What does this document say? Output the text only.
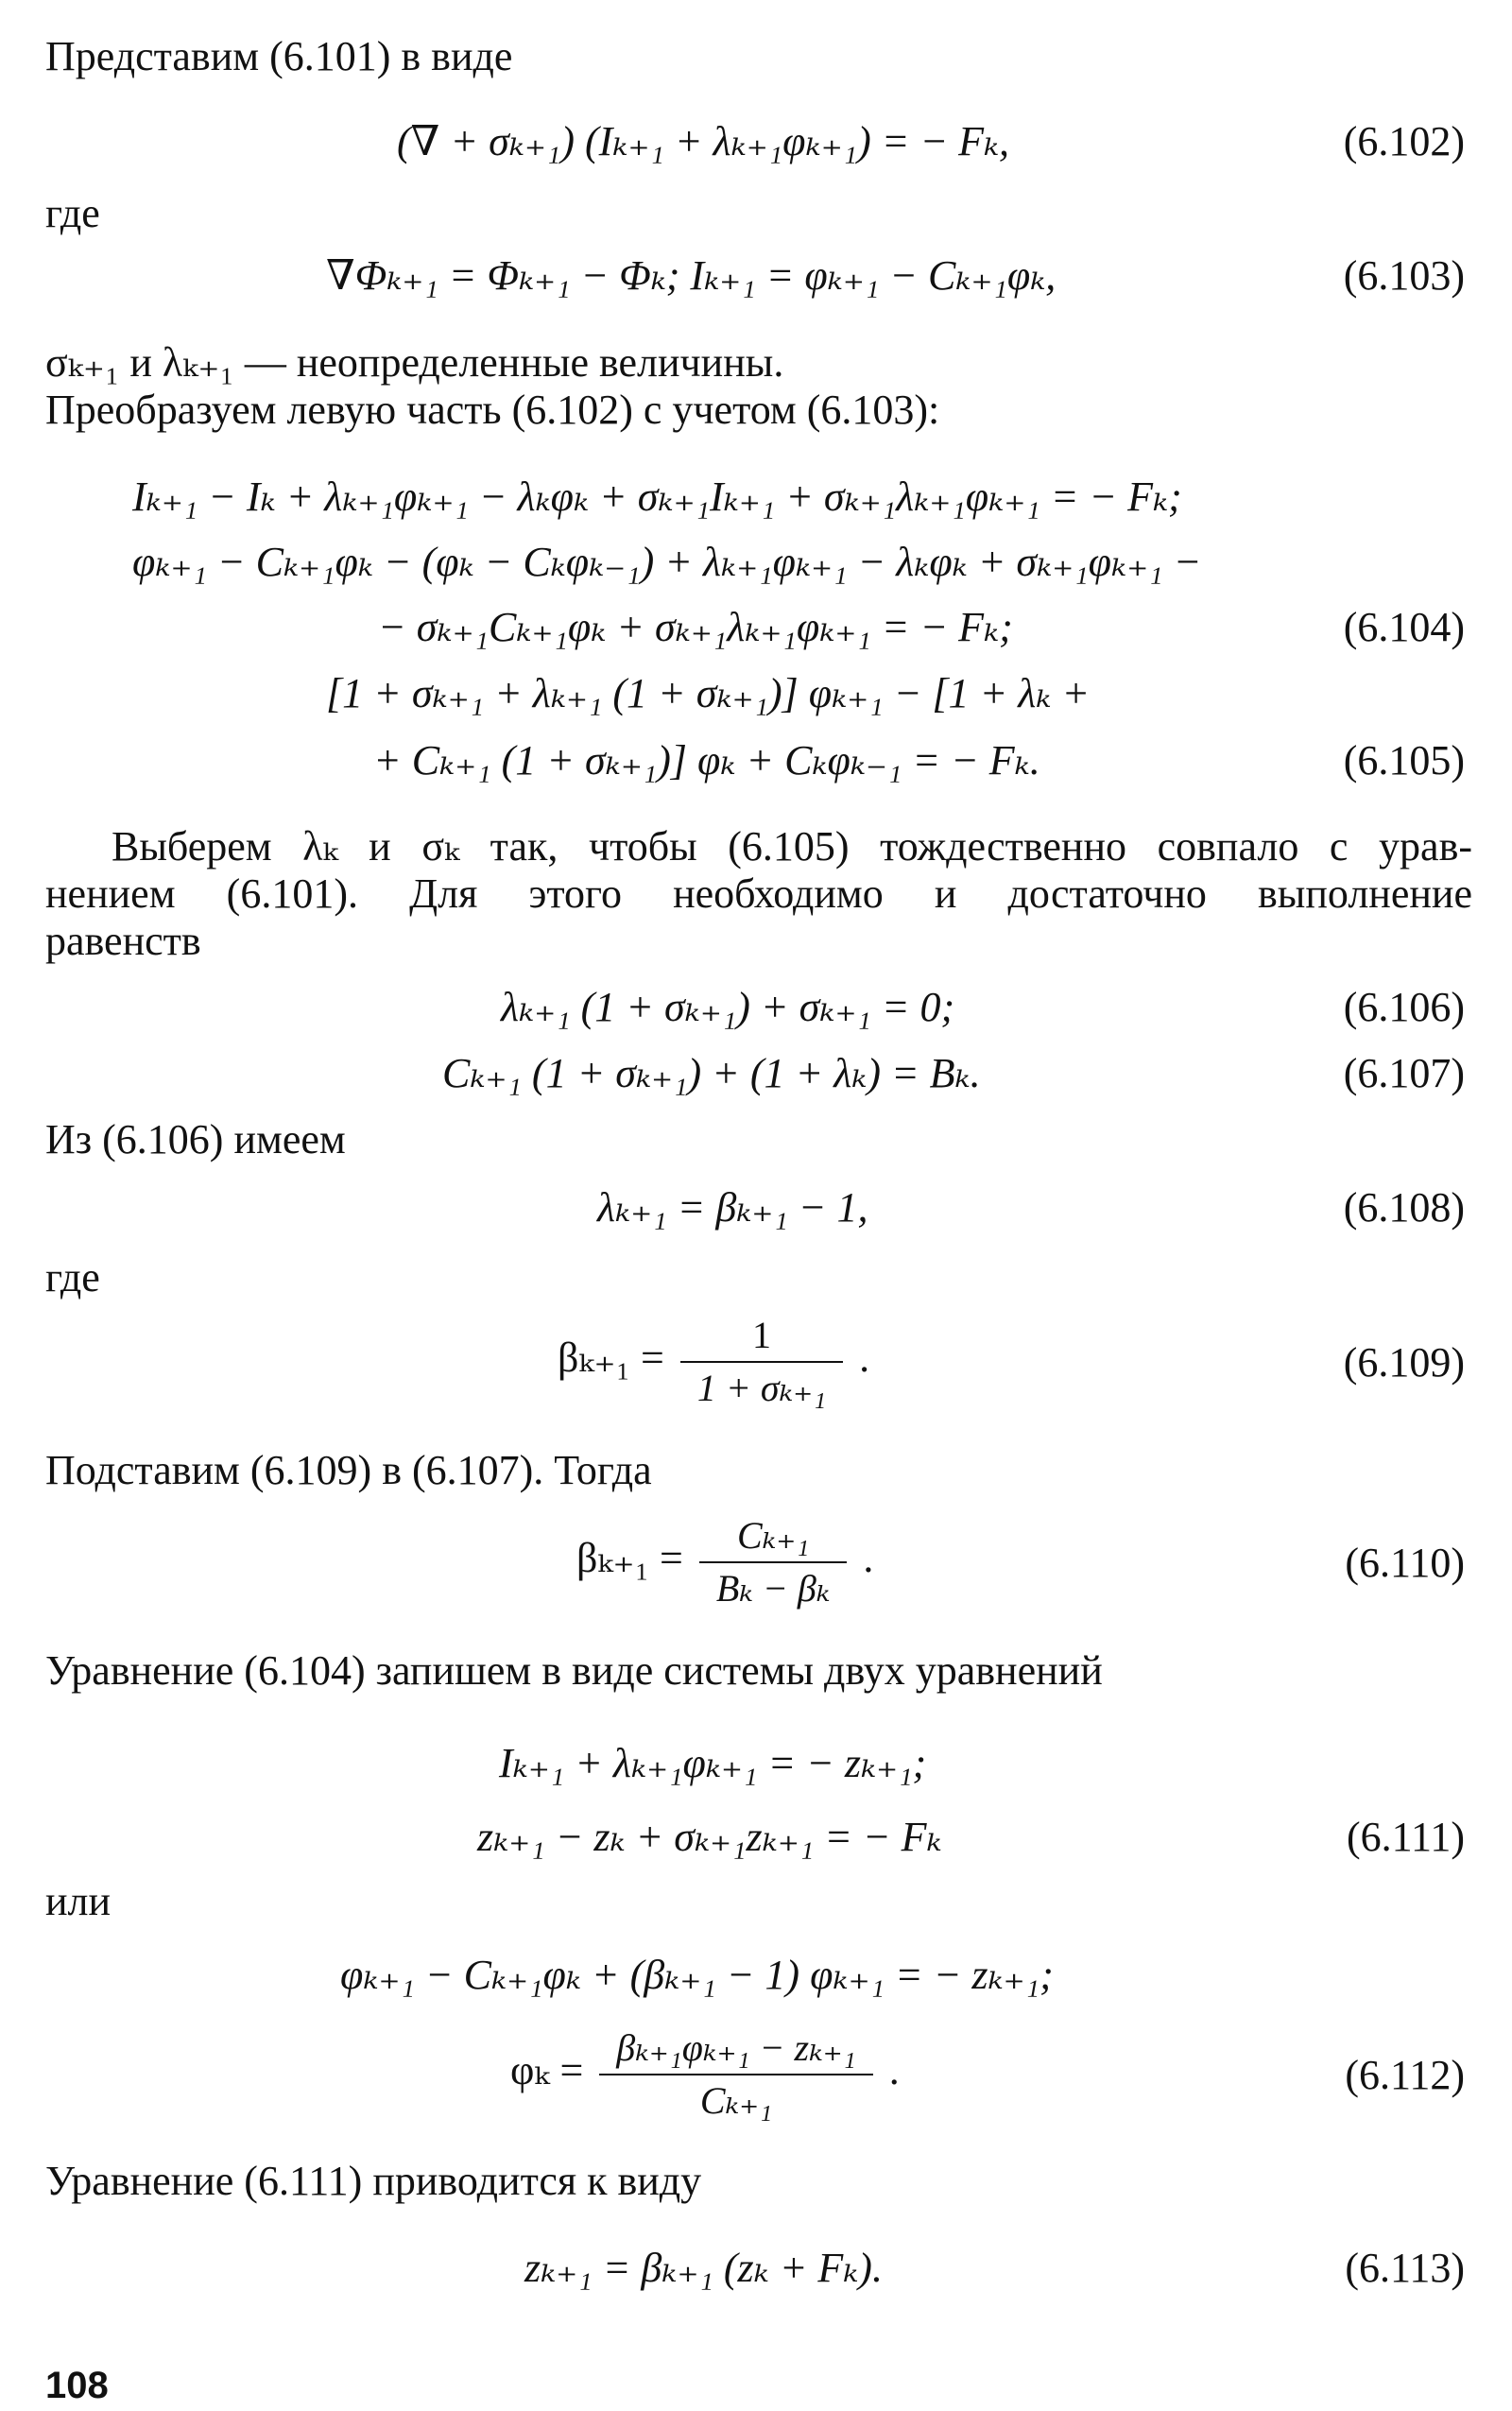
Представим (6.101) в виде
(∇ + σₖ₊₁) (Iₖ₊₁ + λₖ₊₁φₖ₊₁) = − Fₖ,	(6.102)
где
∇Φₖ₊₁ = Φₖ₊₁ − Φₖ; Iₖ₊₁ = φₖ₊₁ − Cₖ₊₁φₖ,	(6.103)
σₖ₊₁ и λₖ₊₁ — неопределенные величины.
Преобразуем левую часть (6.102) с учетом (6.103):
Iₖ₊₁ − Iₖ + λₖ₊₁φₖ₊₁ − λₖφₖ + σₖ₊₁Iₖ₊₁ + σₖ₊₁λₖ₊₁φₖ₊₁ = − Fₖ;
φₖ₊₁ − Cₖ₊₁φₖ − (φₖ − Cₖφₖ₋₁) + λₖ₊₁φₖ₊₁ − λₖφₖ + σₖ₊₁φₖ₊₁ −
− σₖ₊₁Cₖ₊₁φₖ + σₖ₊₁λₖ₊₁φₖ₊₁ = − Fₖ;	(6.104)
[1 + σₖ₊₁ + λₖ₊₁ (1 + σₖ₊₁)] φₖ₊₁ − [1 + λₖ +
+ Cₖ₊₁ (1 + σₖ₊₁)] φₖ + Cₖφₖ₋₁ = − Fₖ.	(6.105)
Выберем λₖ и σₖ так, чтобы (6.105) тождественно совпало с урав-
нением (6.101). Для этого необходимо и достаточно выполнение
равенств
λₖ₊₁ (1 + σₖ₊₁) + σₖ₊₁ = 0;	(6.106)
Cₖ₊₁ (1 + σₖ₊₁) + (1 + λₖ) = Bₖ.	(6.107)
Из (6.106) имеем
λₖ₊₁ = βₖ₊₁ − 1,	(6.108)
где
$\beta_{k+1} = \frac{1}{\text{1 + σₖ₊₁}}$ .	(6.109)
Подставим (6.109) в (6.107). Тогда
$\beta_{k+1} = \frac{\text{Cₖ₊₁}}{\text{Bₖ − βₖ}}$ .	(6.110)
Уравнение (6.104) запишем в виде системы двух уравнений
Iₖ₊₁ + λₖ₊₁φₖ₊₁ = − zₖ₊₁;
zₖ₊₁ − zₖ + σₖ₊₁zₖ₊₁ = − Fₖ	(6.111)
или
φₖ₊₁ − Cₖ₊₁φₖ + (βₖ₊₁ − 1) φₖ₊₁ = − zₖ₊₁;
$\varphi_k = \frac{\text{βₖ₊₁φₖ₊₁ − zₖ₊₁}}{\text{Cₖ₊₁}}$ .	(6.112)
Уравнение (6.111) приводится к виду
zₖ₊₁ = βₖ₊₁ (zₖ + Fₖ).	(6.113)
108
